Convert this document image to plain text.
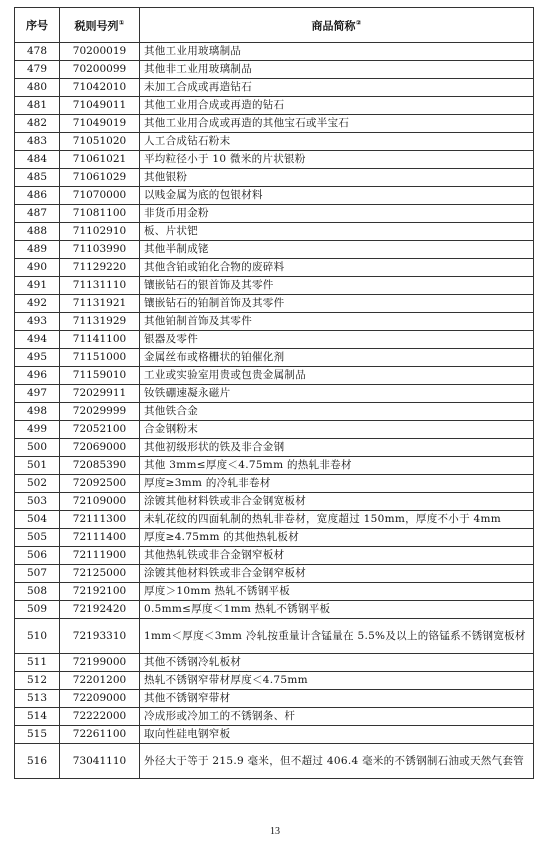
序号	税则号列①	商品简称②
478	70200019	其他工业用玻璃制品
479	70200099	其他非工业用玻璃制品
480	71042010	未加工合成或再造钻石
481	71049011	其他工业用合成或再造的钻石
482	71049019	其他工业用合成或再造的其他宝石或半宝石
483	71051020	人工合成钻石粉末
484	71061021	平均粒径小于 10 微米的片状银粉
485	71061029	其他银粉
486	71070000	以贱金属为底的包银材料
487	71081100	非货币用金粉
488	71102910	板、片状钯
489	71103990	其他半制成铑
490	71129220	其他含铂或铂化合物的废碎料
491	71131110	镶嵌钻石的银首饰及其零件
492	71131921	镶嵌钻石的铂制首饰及其零件
493	71131929	其他铂制首饰及其零件
494	71141100	银器及零件
495	71151000	金属丝布或格栅状的铂催化剂
496	71159010	工业或实验室用贵或包贵金属制品
497	72029911	钕铁硼速凝永磁片
498	72029999	其他铁合金
499	72052100	合金钢粉末
500	72069000	其他初级形状的铁及非合金钢
501	72085390	其他 3mm≤厚度＜4.75mm 的热轧非卷材
502	72092500	厚度≥3mm 的冷轧非卷材
503	72109000	涂镀其他材料铁或非合金钢宽板材
504	72111300	未轧花纹的四面轧制的热轧非卷材，宽度超过 150mm，厚度不小于 4mm
505	72111400	厚度≥4.75mm 的其他热轧板材
506	72111900	其他热轧铁或非合金钢窄板材
507	72125000	涂镀其他材料铁或非合金钢窄板材
508	72192100	厚度＞10mm 热轧不锈钢平板
509	72192420	0.5mm≤厚度＜1mm 热轧不锈钢平板
510	72193310	1mm＜厚度＜3mm 冷轧按重量计含锰量在 5.5%及以上的铬锰系不锈钢宽板材
511	72199000	其他不锈钢冷轧板材
512	72201200	热轧不锈钢窄带材厚度＜4.75mm
513	72209000	其他不锈钢窄带材
514	72222000	冷成形或冷加工的不锈钢条、杆
515	72261100	取向性硅电钢窄板
516	73041110	外径大于等于 215.9 毫米，但不超过 406.4 毫米的不锈钢制石油或天然气套管
13
